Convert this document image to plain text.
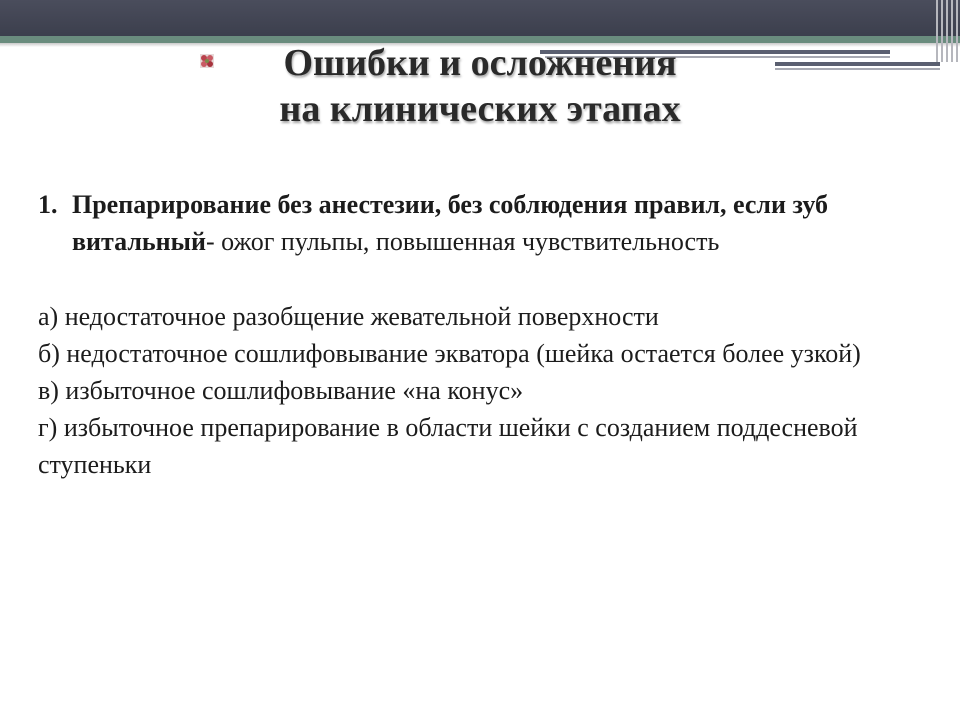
Ошибки и осложнения
на клинических этапах
1. Препарирование без анестезии, без соблюдения правил, если зуб витальный- ожог пульпы, повышенная чувствительность
а) недостаточное разобщение жевательной поверхности
б) недостаточное сошлифовывание экватора (шейка остается более узкой)
в) избыточное сошлифовывание «на конус»
г) избыточное препарирование в области шейки с созданием поддесневой ступеньки
